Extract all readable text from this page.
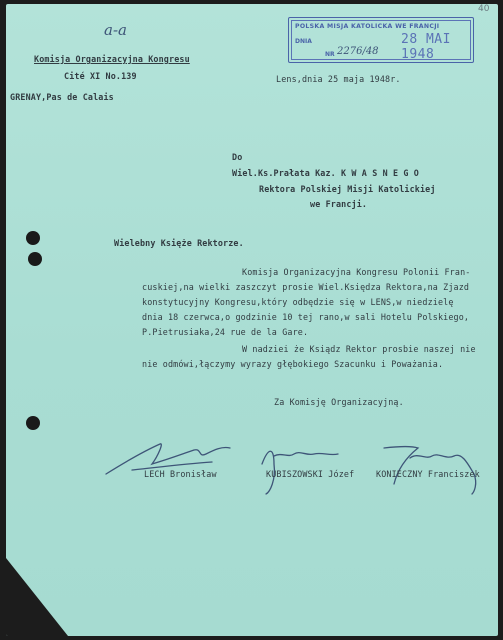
40
a-a	POLSKA MISJA KATOLICKA WE FRANCJI
DNIA	28 MAI 1948
NR 2276/48
Komisja Organizacyjna Kongresu
Cité XI No.139
GRENAY,Pas de Calais
Lens,dnia 25 maja 1948r.
Do
Wiel.Ks.Prałata Kaz. K W A S N E G O
Rektora Polskiej Misji Katolickiej
we Francji.
Wielebny Księże Rektorze.
Komisja Organizacyjna Kongresu Polonii Fran-
cuskiej,na wielki zaszczyt prosie Wiel.Księdza Rektora,na Zjazd
konstytucyjny Kongresu,który odbędzie się w LENS,w niedzielę
dnia 18 czerwca,o godzinie 10 tej rano,w sali Hotelu Polskiego,
P.Pietrusiaka,24 rue de la Gare.
W nadziei że Ksiądz Rektor prosbie naszej nie
nie odmówi,łączymy wyrazy głębokiego Szacunku i Poważania.
Za Komisję Organizacyjną.
LECH Bronisław	KUBISZOWSKI Józef	KONIECZNY Franciszek
